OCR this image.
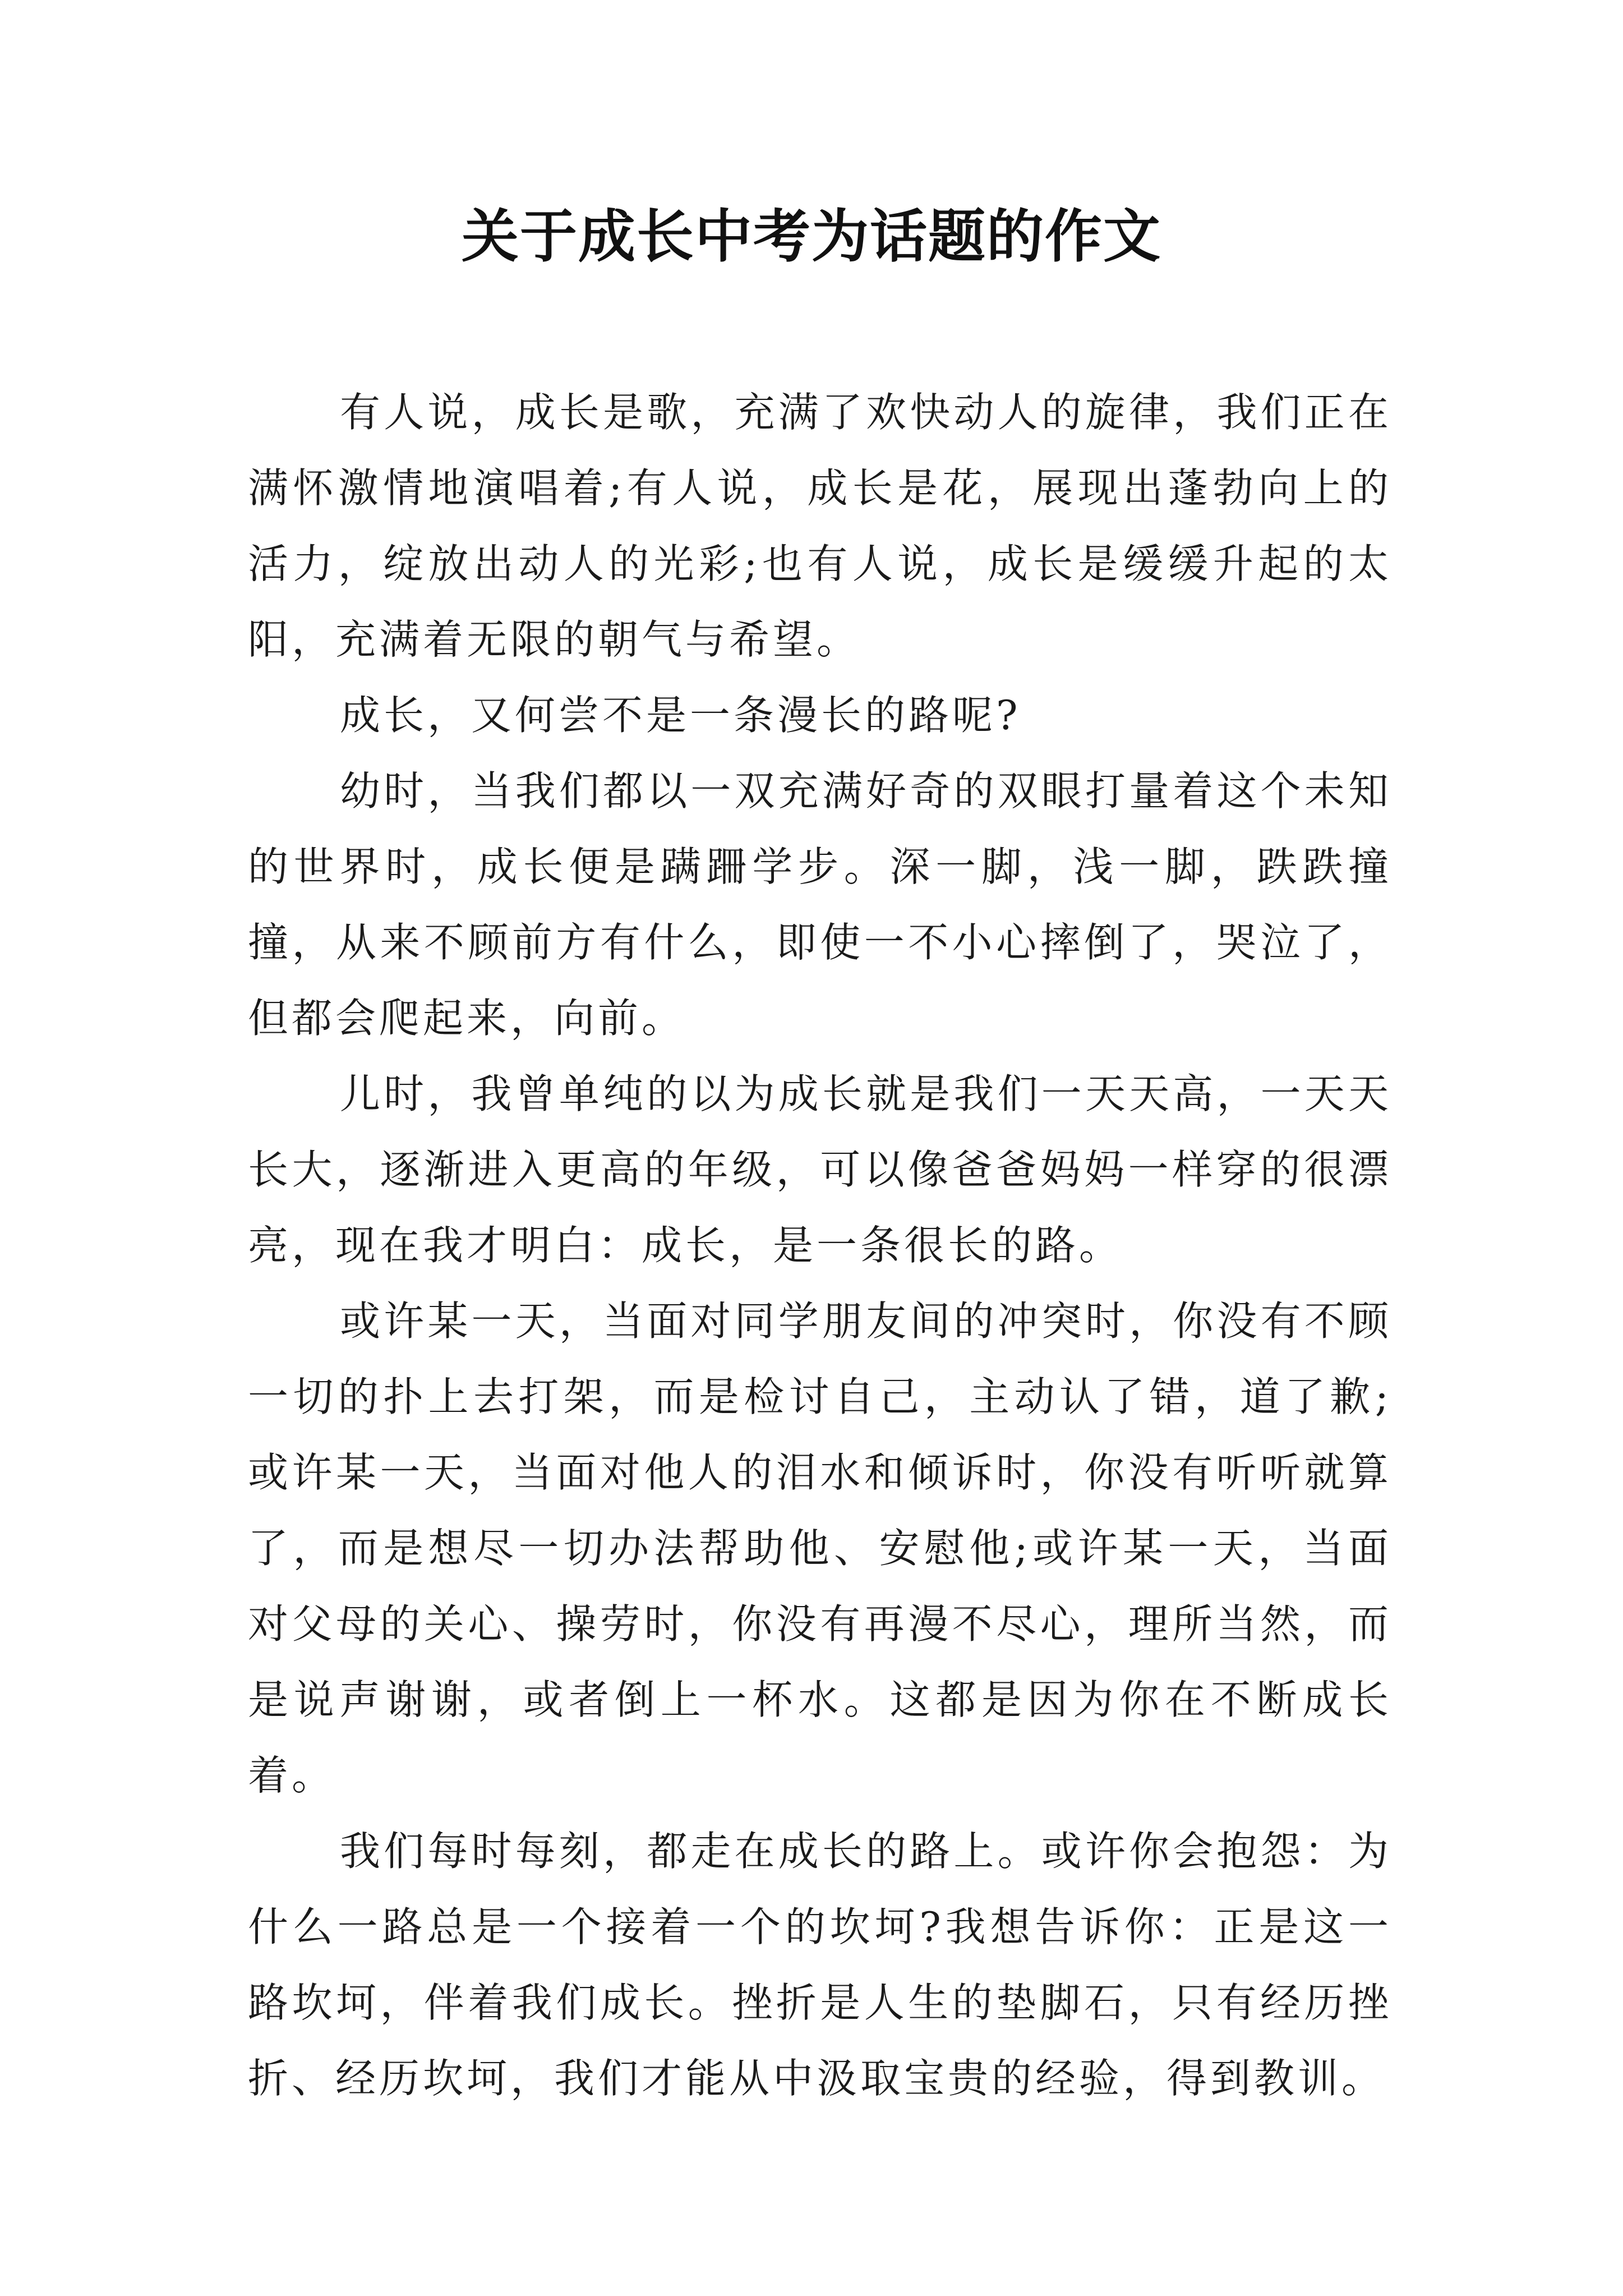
关于成长中考为话题的作文

有人说，成长是歌，充满了欢快动人的旋律，我们正在满怀激情地演唱着;有人说，成长是花，展现出蓬勃向上的活力，绽放出动人的光彩;也有人说，成长是缓缓升起的太阳，充满着无限的朝气与希望。

成长，又何尝不是一条漫长的路呢?

幼时，当我们都以一双充满好奇的双眼打量着这个未知的世界时，成长便是蹒跚学步。深一脚，浅一脚，跌跌撞撞，从来不顾前方有什么，即使一不小心摔倒了，哭泣了，但都会爬起来，向前。

儿时，我曾单纯的以为成长就是我们一天天高，一天天长大，逐渐进入更高的年级，可以像爸爸妈妈一样穿的很漂亮，现在我才明白：成长，是一条很长的路。

或许某一天，当面对同学朋友间的冲突时，你没有不顾一切的扑上去打架，而是检讨自己，主动认了错，道了歉;或许某一天，当面对他人的泪水和倾诉时，你没有听听就算了，而是想尽一切办法帮助他、安慰他;或许某一天，当面对父母的关心、操劳时，你没有再漫不尽心，理所当然，而是说声谢谢，或者倒上一杯水。这都是因为你在不断成长着。

我们每时每刻，都走在成长的路上。或许你会抱怨：为什么一路总是一个接着一个的坎坷?我想告诉你：正是这一路坎坷，伴着我们成长。挫折是人生的垫脚石，只有经历挫折、经历坎坷，我们才能从中汲取宝贵的经验，得到教训。
